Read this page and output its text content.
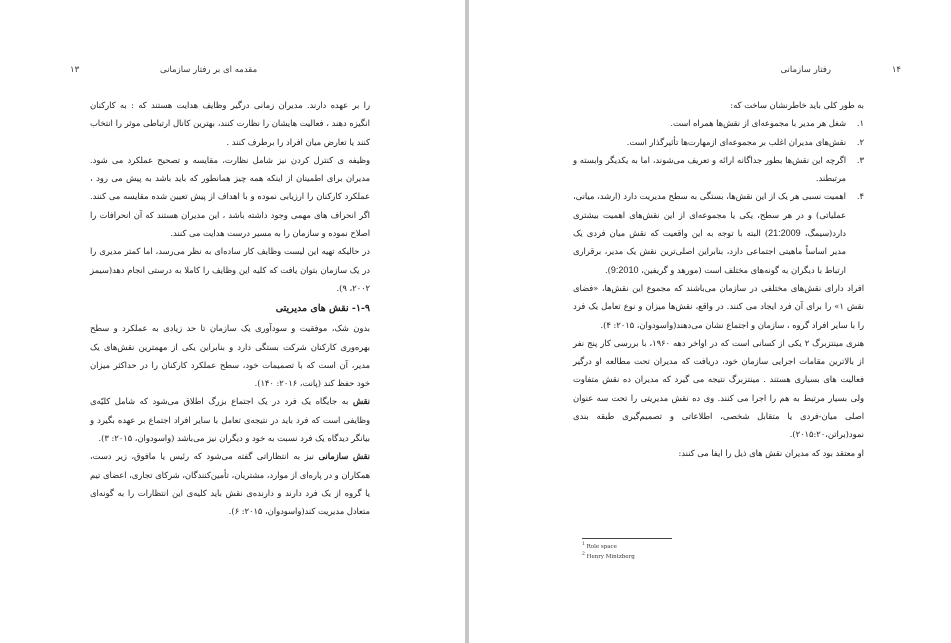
۱۳	مقدمه ای بر رفتار سازمانی

را بر عهده دارند. مدیران زمانی درگیر وظایف هدایت هستند که : به کارکنان انگیزه دهند ، فعالیت هایشان را نظارت کنند، بهترین کانال ارتباطی موثر را انتخاب کنند یا تعارض میان افراد را برطرف کنند .

وظیفه ی کنترل کردن نیز شامل نظارت، مقایسه و تصحیح عملکرد می شود. مدیران برای اطمینان از اینکه همه چیز همانطور که باید باشد به پیش می رود ، عملکرد کارکنان را ارزیابی نموده و با اهداف از پیش تعیین شده مقایسه می کنند. اگر انحراف های مهمی وجود داشته باشد ، این مدیران هستند که آن انحرافات را اصلاح نموده و سازمان را به مسیر درست هدایت می کنند.

در حالیکه تهیه این لیست وظایف کار ساده‌ای به نظر می‌رسد، اما کمتر مدیری را در یک سازمان بتوان یافت که کلیه این وظایف را کاملا به درستی انجام دهد(سیمز ۲۰۰۲، ۹).

۱-۹- نقش های مدیریتی

بدون شک، موفقیت و سودآوری یک سازمان تا حد زیادی به عملکرد و سطح بهره‌وری کارکنان شرکت بستگی دارد و بنابراین یکی از مهمترین نقش‌های یک مدیر، آن است که با تصمیمات خود، سطح عملکرد کارکنان را در حداکثر میزان خود حفظ کند (پانت، ۲۰۱۶: ۱۴۰).

نقش به جایگاه یک فرد در یک اجتماع بزرگ اطلاق می‌شود که شامل کلیّه‌ی وظایفی است که فرد باید در نتیجه‌ی تعامل با سایر افراد اجتماع بر عهده بگیرد و بیانگر دیدگاه یک فرد نسبت به خود و دیگران نیز می‌باشد (واسودوان، ۲۰۱۵: ۳).

نقش سازمانی نیز به انتظاراتی گفته می‌شود که رئیس یا مافوق، زیر دست، همکاران و در پاره‌ای از موارد، مشتریان، تأمین‌کنندگان، شرکای تجاری، اعضای تیم یا گروه از یک فرد دارند و دارنده‌ی نقش باید کلیه‌ی این انتظارات را به گونه‌ای متعادل مدیریت کند(واسودوان، ۲۰۱۵: ۶).

۱۴
رفتار سازمانی

به طور کلی باید خاطرنشان ساخت که:

۱.
شغل هر مدیر با مجموعه‌ای از نقش‌ها همراه است.
۲.
نقش‌های مدیران اغلب بر مجموعه‌ای ازمهارت‌ها تأثیرگذار است.
۳.
اگرچه این نقش‌ها بطور جداگانه ارائه و تعریف می‌شوند، اما به یکدیگر وابسته و مرتبطند.
۴.
اهمیت نسبی هر یک از این نقش‌ها، بستگی به سطح مدیریت دارد (ارشد، میانی، عملیاتی) و در هر سطح، یکی یا مجموعه‌ای از این نقش‌های اهمیت بیشتری دارد(سیمگ، 21:2009) البته با توجه به این واقعیت که نقش میان فردی یک مدیر اساساً ماهیتی اجتماعی دارد، بنابراین اصلی‌ترین نقش یک مدیر، برقراری ارتباط با دیگران به گونه‌های مختلف است (مورهد و گریفین، 9:2010).

افراد دارای نقش‌های مختلفی در سازمان می‌باشند که مجموع این نقش‌ها، «فضای نقش ۱» را برای آن فرد ایجاد می کنند. در واقع، نقش‌ها میزان و نوع تعامل یک فرد را با سایر افراد گروه ، سازمان و اجتماع نشان می‌دهند(واسودوان، ۲۰۱۵: ۴).

هنری مینتزبرگ ۲ یکی از کسانی است که در اواخر دهه ۱۹۶۰، با بررسی کار پنج نفر از بالاترین مقامات اجرایی سازمان خود، دریافت که مدیران تحت مطالعه او درگیر فعالیت های بسیاری هستند . مینتزبرگ نتیجه می گیرد که مدیران ده نقش متفاوت ولی بسیار مرتبط به هم را اجرا می کنند. وی ده نقش مدیریتی را تحت سه عنوان اصلی میان-فردی یا متقابل شخصی، اطلاعاتی و تصمیم‌گیری طبقه بندی نمود(براتن،۲۰۱۵:۲۰).

او معتقد بود که مدیران نقش های ذیل را ایفا می کنند:

$^1$ Role space
$^2$ Henry Mintzberg
